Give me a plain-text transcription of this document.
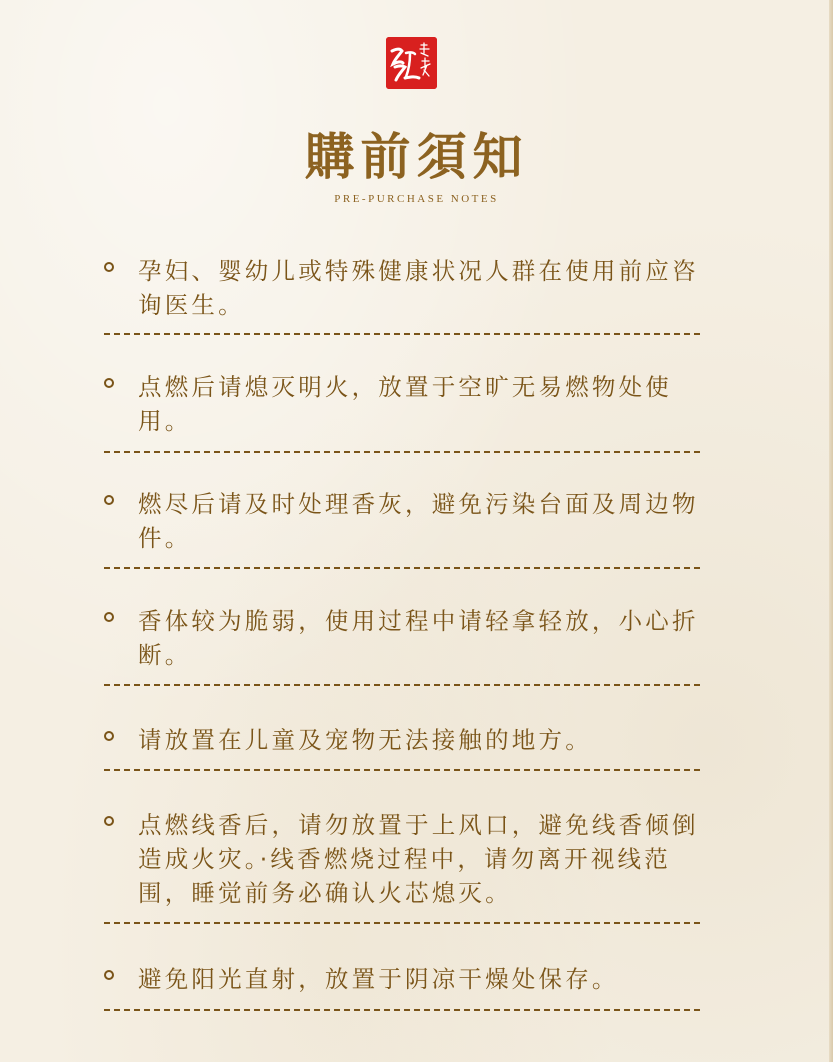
購前須知
PRE-PURCHASE NOTES
孕妇、婴幼儿或特殊健康状况人群在使用前应咨询医生。
点燃后请熄灭明火，放置于空旷无易燃物处使用。
燃尽后请及时处理香灰，避免污染台面及周边物件。
香体较为脆弱，使用过程中请轻拿轻放，小心折断。
请放置在儿童及宠物无法接触的地方。
点燃线香后，请勿放置于上风口，避免线香倾倒造成火灾。·线香燃烧过程中，请勿离开视线范围，睡觉前务必确认火芯熄灭。
避免阳光直射，放置于阴凉干燥处保存。
